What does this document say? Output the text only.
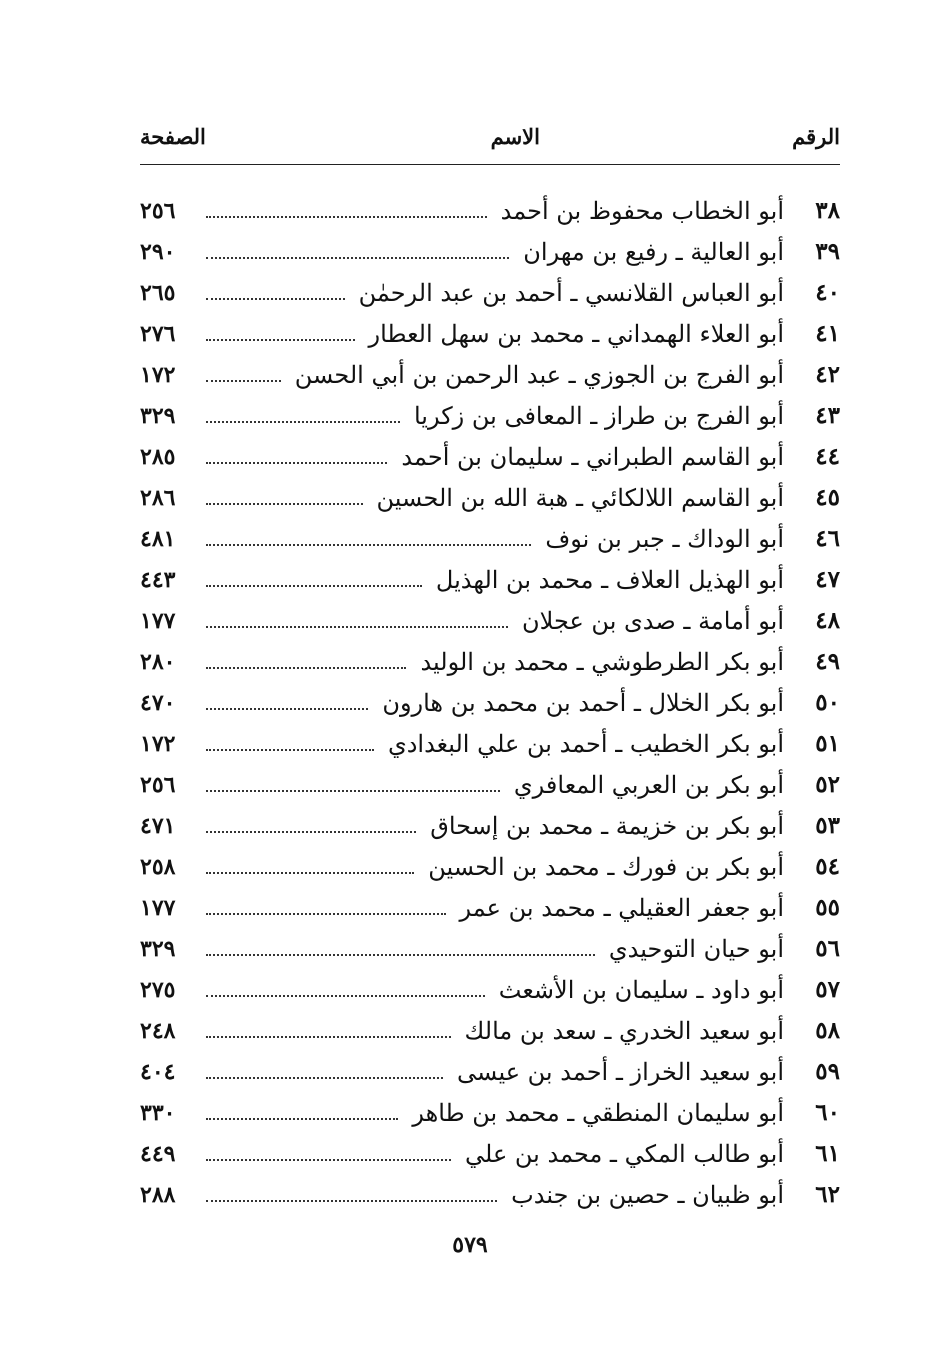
الرقم
الاسم
الصفحة
٣٨
أبو الخطاب محفوظ بن أحمد
٢٥٦
٣٩
أبو العالية ـ رفيع بن مهران
٢٩٠
٤٠
أبو العباس القلانسي ـ أحمد بن عبد الرحمٰن
٢٦٥
٤١
أبو العلاء الهمداني ـ محمد بن سهل العطار
٢٧٦
٤٢
أبو الفرج بن الجوزي ـ عبد الرحمن بن أبي الحسن
١٧٢
٤٣
أبو الفرج بن طراز ـ المعافى بن زكريا
٣٢٩
٤٤
أبو القاسم الطبراني ـ سليمان بن أحمد
٢٨٥
٤٥
أبو القاسم اللالكائي ـ هبة الله بن الحسين
٢٨٦
٤٦
أبو الوداك ـ جبر بن نوف
٤٨١
٤٧
أبو الهذيل العلاف ـ محمد بن الهذيل
٤٤٣
٤٨
أبو أمامة ـ صدى بن عجلان
١٧٧
٤٩
أبو بكر الطرطوشي ـ محمد بن الوليد
٢٨٠
٥٠
أبو بكر الخلال ـ أحمد بن محمد بن هارون
٤٧٠
٥١
أبو بكر الخطيب ـ أحمد بن علي البغدادي
١٧٢
٥٢
أبو بكر بن العربي المعافري
٢٥٦
٥٣
أبو بكر بن خزيمة ـ محمد بن إسحاق
٤٧١
٥٤
أبو بكر بن فورك ـ محمد بن الحسين
٢٥٨
٥٥
أبو جعفر العقيلي ـ محمد بن عمر
١٧٧
٥٦
أبو حيان التوحيدي
٣٢٩
٥٧
أبو داود ـ سليمان بن الأشعث
٢٧٥
٥٨
أبو سعيد الخدري ـ سعد بن مالك
٢٤٨
٥٩
أبو سعيد الخراز ـ أحمد بن عيسى
٤٠٤
٦٠
أبو سليمان المنطقي ـ محمد بن طاهر
٣٣٠
٦١
أبو طالب المكي ـ محمد بن علي
٤٤٩
٦٢
أبو ظبيان ـ حصين بن جندب
٢٨٨
٥٧٩
